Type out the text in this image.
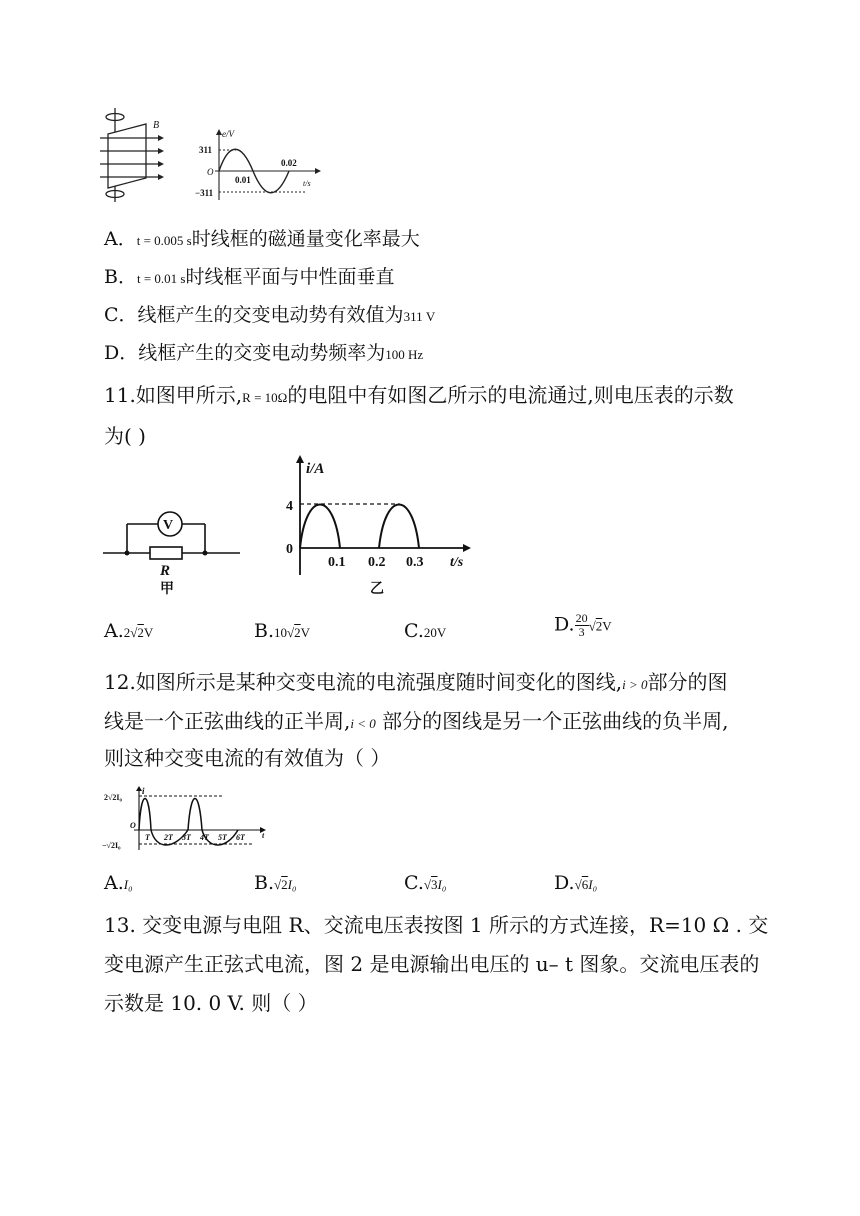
B
e/V
311
O
0.01
0.02
t/s
−311
A．t = 0.005 s时线框的磁通量变化率最大
B．t = 0.01 s时线框平面与中性面垂直
C．线框产生的交变电动势有效值为311 V
D．线框产生的交变电动势频率为100 Hz
11.如图甲所示,R = 10Ω的电阻中有如图乙所示的电流通过,则电压表的示数
为( )
V
R
甲
i/A
4
0
0.1 0.2 0.3 t/s
乙
A.2√2V	B.10√2V	C.20V	D. $\frac{20}{3} √2V$
12.如图所示是某种交变电流的电流强度随时间变化的图线,i > 0部分的图
线是一个正弦曲线的正半周,i < 0 部分的图线是另一个正弦曲线的负半周,
则这种交变电流的有效值为（ ）
i
2√2I₀
O
T 2T 3T 4T 5T 6T t
−√2I₀
A.I₀	B.√2I₀	C.√3I₀	D.√6I₀
13. 交变电源与电阻 R、交流电压表按图 1 所示的方式连接，R=10 Ω . 交
变电源产生正弦式电流，图 2 是电源输出电压的 u– t 图象。交流电压表的
示数是 10. 0 V. 则（ ）
